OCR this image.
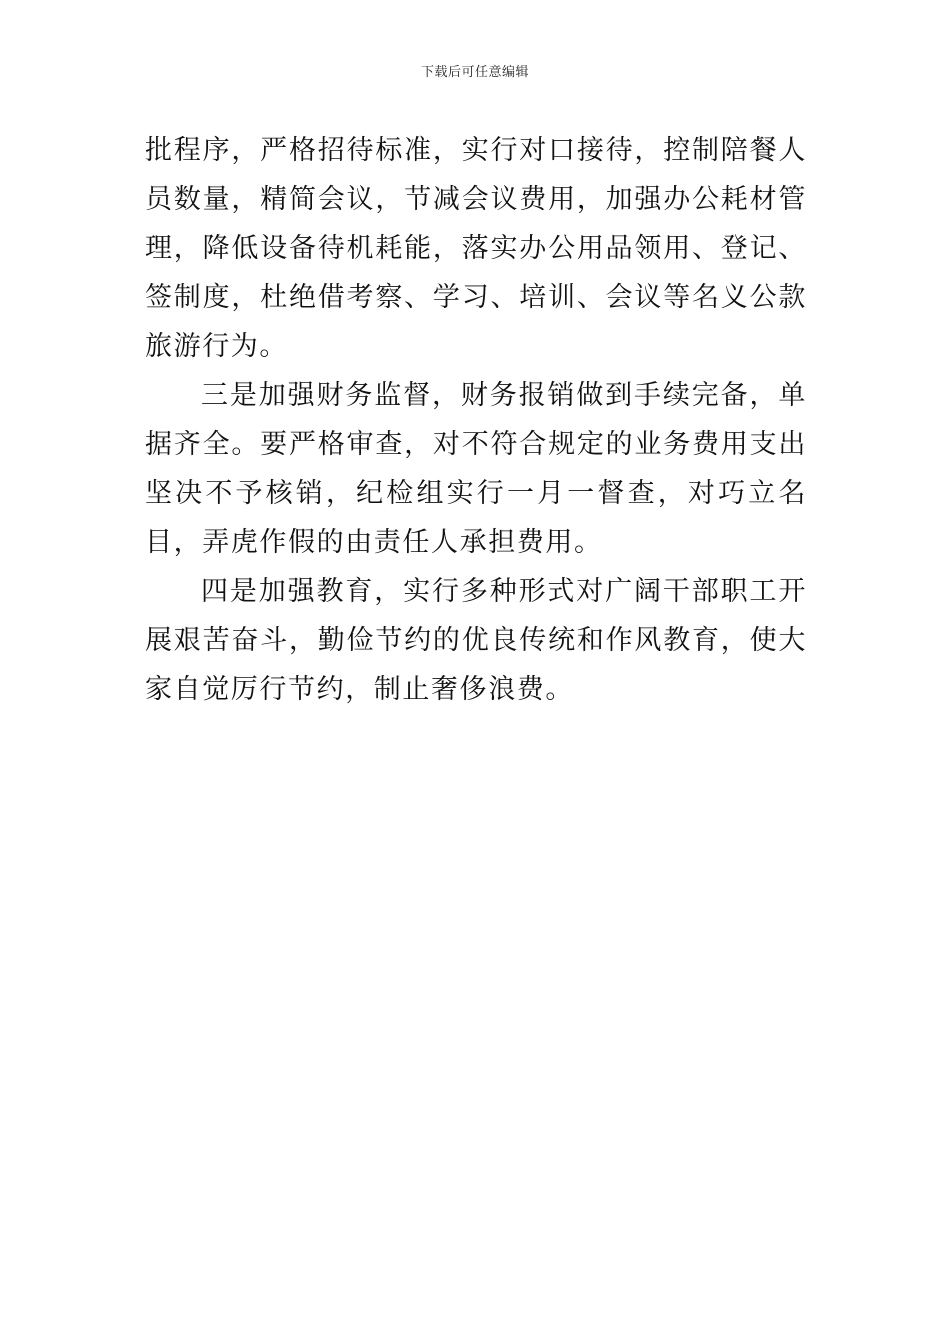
下载后可任意编辑

批程序，严格招待标准，实行对口接待，控制陪餐人员数量，精简会议，节减会议费用，加强办公耗材管理，降低设备待机耗能，落实办公用品领用、登记、签制度，杜绝借考察、学习、培训、会议等名义公款旅游行为。

三是加强财务监督，财务报销做到手续完备，单据齐全。要严格审查，对不符合规定的业务费用支出坚决不予核销，纪检组实行一月一督查，对巧立名目，弄虎作假的由责任人承担费用。

四是加强教育，实行多种形式对广阔干部职工开展艰苦奋斗，勤俭节约的优良传统和作风教育，使大家自觉厉行节约，制止奢侈浪费。
